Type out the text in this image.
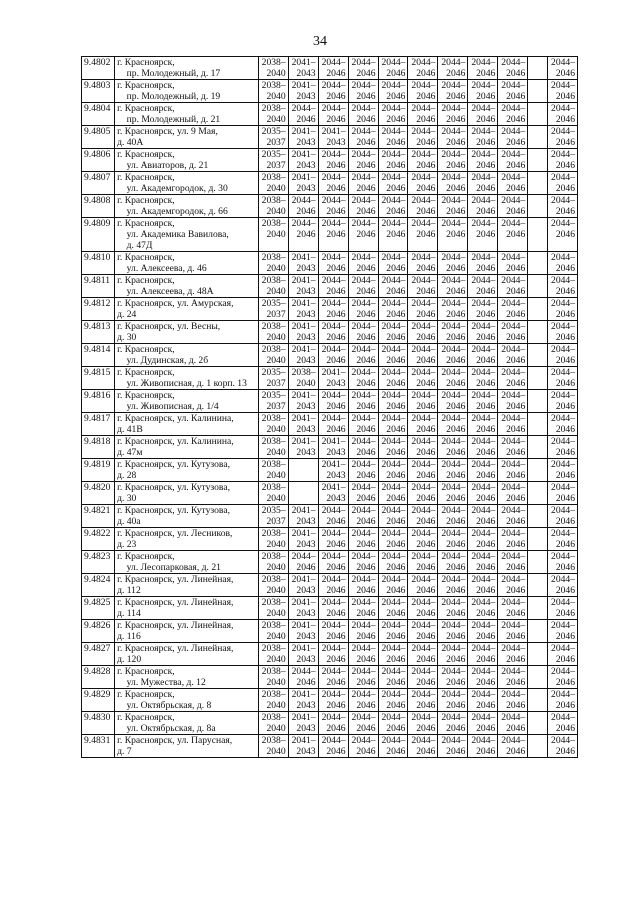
34
9.4802	г. Красноярск,
пр. Молодежный, д. 17	2038–
2040	2041–
2043	2044–
2046	2044–
2046	2044–
2046	2044–
2046	2044–
2046	2044–
2046	2044–
2046		2044–
2046
9.4803	г. Красноярск,
пр. Молодежный, д. 19	2038–
2040	2041–
2043	2044–
2046	2044–
2046	2044–
2046	2044–
2046	2044–
2046	2044–
2046	2044–
2046		2044–
2046
9.4804	г. Красноярск,
пр. Молодежный, д. 21	2038–
2040	2044–
2046	2044–
2046	2044–
2046	2044–
2046	2044–
2046	2044–
2046	2044–
2046	2044–
2046		2044–
2046
9.4805	г. Красноярск, ул. 9 Мая,
д. 40А	2035–
2037	2041–
2043	2041–
2043	2044–
2046	2044–
2046	2044–
2046	2044–
2046	2044–
2046	2044–
2046		2044–
2046
9.4806	г. Красноярск,
ул. Авиаторов, д. 21	2035–
2037	2041–
2043	2044–
2046	2044–
2046	2044–
2046	2044–
2046	2044–
2046	2044–
2046	2044–
2046		2044–
2046
9.4807	г. Красноярск,
ул. Академгородок, д. 30	2038–
2040	2041–
2043	2044–
2046	2044–
2046	2044–
2046	2044–
2046	2044–
2046	2044–
2046	2044–
2046		2044–
2046
9.4808	г. Красноярск,
ул. Академгородок, д. 66	2038–
2040	2044–
2046	2044–
2046	2044–
2046	2044–
2046	2044–
2046	2044–
2046	2044–
2046	2044–
2046		2044–
2046
9.4809	г. Красноярск,
ул. Академика Вавилова,
д. 47Д	2038–
2040	2044–
2046	2044–
2046	2044–
2046	2044–
2046	2044–
2046	2044–
2046	2044–
2046	2044–
2046		2044–
2046
9.4810	г. Красноярск,
ул. Алексеева, д. 46	2038–
2040	2041–
2043	2044–
2046	2044–
2046	2044–
2046	2044–
2046	2044–
2046	2044–
2046	2044–
2046		2044–
2046
9.4811	г. Красноярск,
ул. Алексеева, д. 48А	2038–
2040	2041–
2043	2044–
2046	2044–
2046	2044–
2046	2044–
2046	2044–
2046	2044–
2046	2044–
2046		2044–
2046
9.4812	г. Красноярск, ул. Амурская,
д. 24	2035–
2037	2041–
2043	2044–
2046	2044–
2046	2044–
2046	2044–
2046	2044–
2046	2044–
2046	2044–
2046		2044–
2046
9.4813	г. Красноярск, ул. Весны,
д. 30	2038–
2040	2041–
2043	2044–
2046	2044–
2046	2044–
2046	2044–
2046	2044–
2046	2044–
2046	2044–
2046		2044–
2046
9.4814	г. Красноярск,
ул. Дудинская, д. 2б	2038–
2040	2041–
2043	2044–
2046	2044–
2046	2044–
2046	2044–
2046	2044–
2046	2044–
2046	2044–
2046		2044–
2046
9.4815	г. Красноярск,
ул. Живописная, д. 1 корп. 13	2035–
2037	2038–
2040	2041–
2043	2044–
2046	2044–
2046	2044–
2046	2044–
2046	2044–
2046	2044–
2046		2044–
2046
9.4816	г. Красноярск,
ул. Живописная, д. 1/4	2035–
2037	2041–
2043	2044–
2046	2044–
2046	2044–
2046	2044–
2046	2044–
2046	2044–
2046	2044–
2046		2044–
2046
9.4817	г. Красноярск, ул. Калинина,
д. 41В	2038–
2040	2041–
2043	2044–
2046	2044–
2046	2044–
2046	2044–
2046	2044–
2046	2044–
2046	2044–
2046		2044–
2046
9.4818	г. Красноярск, ул. Калинина,
д. 47м	2038–
2040	2041–
2043	2041–
2043	2044–
2046	2044–
2046	2044–
2046	2044–
2046	2044–
2046	2044–
2046		2044–
2046
9.4819	г. Красноярск, ул. Кутузова,
д. 28	2038–
2040		2041–
2043	2044–
2046	2044–
2046	2044–
2046	2044–
2046	2044–
2046	2044–
2046		2044–
2046
9.4820	г. Красноярск, ул. Кутузова,
д. 30	2038–
2040		2041–
2043	2044–
2046	2044–
2046	2044–
2046	2044–
2046	2044–
2046	2044–
2046		2044–
2046
9.4821	г. Красноярск, ул. Кутузова,
д. 40а	2035–
2037	2041–
2043	2044–
2046	2044–
2046	2044–
2046	2044–
2046	2044–
2046	2044–
2046	2044–
2046		2044–
2046
9.4822	г. Красноярск, ул. Лесников,
д. 23	2038–
2040	2041–
2043	2044–
2046	2044–
2046	2044–
2046	2044–
2046	2044–
2046	2044–
2046	2044–
2046		2044–
2046
9.4823	г. Красноярск,
ул. Лесопарковая, д. 21	2038–
2040	2044–
2046	2044–
2046	2044–
2046	2044–
2046	2044–
2046	2044–
2046	2044–
2046	2044–
2046		2044–
2046
9.4824	г. Красноярск, ул. Линейная,
д. 112	2038–
2040	2041–
2043	2044–
2046	2044–
2046	2044–
2046	2044–
2046	2044–
2046	2044–
2046	2044–
2046		2044–
2046
9.4825	г. Красноярск, ул. Линейная,
д. 114	2038–
2040	2041–
2043	2044–
2046	2044–
2046	2044–
2046	2044–
2046	2044–
2046	2044–
2046	2044–
2046		2044–
2046
9.4826	г. Красноярск, ул. Линейная,
д. 116	2038–
2040	2041–
2043	2044–
2046	2044–
2046	2044–
2046	2044–
2046	2044–
2046	2044–
2046	2044–
2046		2044–
2046
9.4827	г. Красноярск, ул. Линейная,
д. 120	2038–
2040	2041–
2043	2044–
2046	2044–
2046	2044–
2046	2044–
2046	2044–
2046	2044–
2046	2044–
2046		2044–
2046
9.4828	г. Красноярск,
ул. Мужества, д. 12	2038–
2040	2044–
2046	2044–
2046	2044–
2046	2044–
2046	2044–
2046	2044–
2046	2044–
2046	2044–
2046		2044–
2046
9.4829	г. Красноярск,
ул. Октябрьская, д. 8	2038–
2040	2041–
2043	2044–
2046	2044–
2046	2044–
2046	2044–
2046	2044–
2046	2044–
2046	2044–
2046		2044–
2046
9.4830	г. Красноярск,
ул. Октябрьская, д. 8а	2038–
2040	2041–
2043	2044–
2046	2044–
2046	2044–
2046	2044–
2046	2044–
2046	2044–
2046	2044–
2046		2044–
2046
9.4831	г. Красноярск, ул. Парусная,
д. 7	2038–
2040	2041–
2043	2044–
2046	2044–
2046	2044–
2046	2044–
2046	2044–
2046	2044–
2046	2044–
2046		2044–
2046
